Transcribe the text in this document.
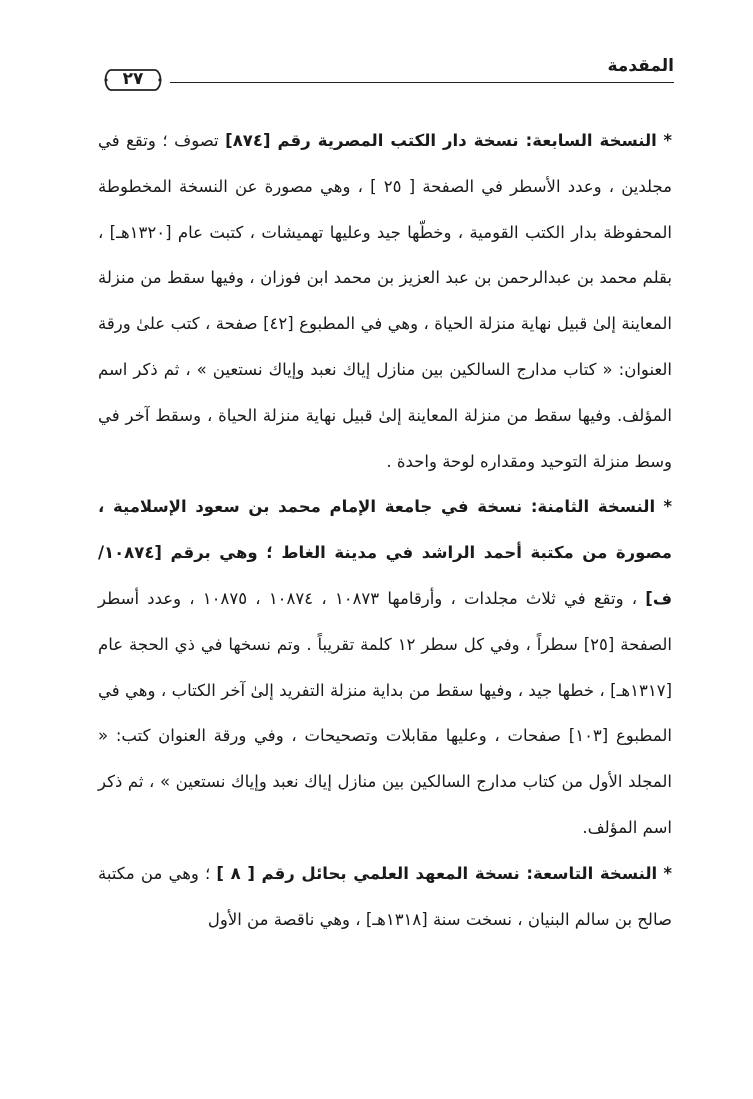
المقدمة
٢٧

* النسخة السابعة: نسخة دار الكتب المصرية رقم [٨٧٤] تصوف ؛ وتقع في مجلدين ، وعدد الأسطر في الصفحة [ ٢٥ ] ، وهي مصورة عن النسخة المخطوطة المحفوظة بدار الكتب القومية ، وخطّها جيد وعليها تهميشات ، كتبت عام [١٣٢٠هـ] ، بقلم محمد بن عبدالرحمن بن عبد العزيز بن محمد ابن فوزان ، وفيها سقط من منزلة المعاينة إلىٰ قبيل نهاية منزلة الحياة ، وهي في المطبوع [٤٢] صفحة ، كتب علىٰ ورقة العنوان: « كتاب مدارج السالكين بين منازل إياك نعبد وإياك نستعين » ، ثم ذكر اسم المؤلف. وفيها سقط من منزلة المعاينة إلىٰ قبيل نهاية منزلة الحياة ، وسقط آخر في وسط منزلة التوحيد ومقداره لوحة واحدة .

* النسخة الثامنة: نسخة في جامعة الإمام محمد بن سعود الإسلامية ، مصورة من مكتبة أحمد الراشد في مدينة الغاط ؛ وهي برقم [١٠٨٧٤/ ف] ، وتقع في ثلاث مجلدات ، وأرقامها ١٠٨٧٣ ، ١٠٨٧٤ ، ١٠٨٧٥ ، وعدد أسطر الصفحة [٢٥] سطراً ، وفي كل سطر ١٢ كلمة تقريباً . وتم نسخها في ذي الحجة عام [١٣١٧هـ] ، خطها جيد ، وفيها سقط من بداية منزلة التفريد إلىٰ آخر الكتاب ، وهي في المطبوع [١٠٣] صفحات ، وعليها مقابلات وتصحيحات ، وفي ورقة العنوان كتب: « المجلد الأول من كتاب مدارج السالكين بين منازل إياك نعبد وإياك نستعين » ، ثم ذكر اسم المؤلف.

* النسخة التاسعة: نسخة المعهد العلمي بحائل رقم [ ٨ ] ؛ وهي من مكتبة صالح بن سالم البنيان ، نسخت سنة [١٣١٨هـ] ، وهي ناقصة من الأول
